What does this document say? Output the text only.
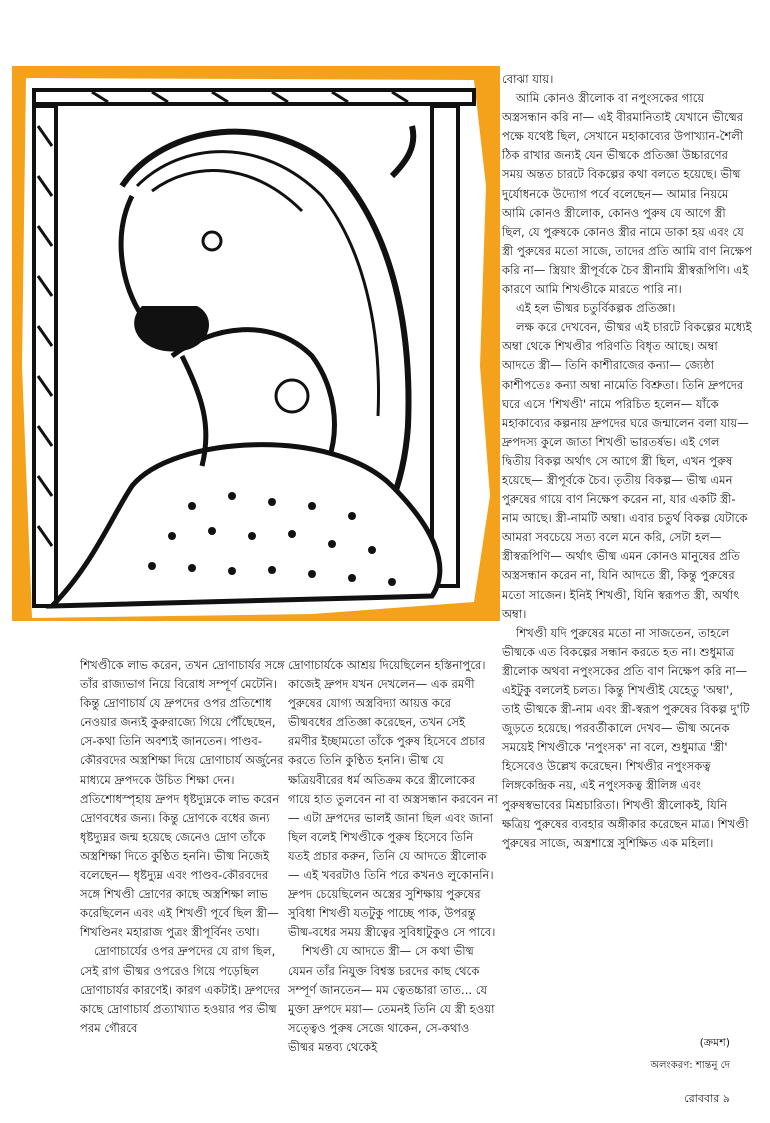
বোঝা যায়।

আমি কোনও স্ত্রীলোক বা নপুংসকের গায়ে অস্ত্রসন্ধান করি না— এই বীরমানিতাই যেখানে ভীষ্মের পক্ষে যথেষ্ট ছিল, সেখানে মহাকাব্যের উপাখ্যান-শৈলী ঠিক রাখার জন্যই যেন ভীষ্মকে প্রতিজ্ঞা উচ্চারণের সময় অন্তত চারটে বিকল্পের কথা বলতে হয়েছে। ভীষ্ম দুর্যোধনকে উদ্যোগ পর্বে বলেছেন— আমার নিয়মে আমি কোনও স্ত্রীলোক, কোনও পুরুষ যে আগে স্ত্রী ছিল, যে পুরুষকে কোনও স্ত্রীর নামে ডাকা হয় এবং যে স্ত্রী পুরুষের মতো সাজে, তাদের প্রতি আমি বাণ নিক্ষেপ করি না— স্ত্রিয়াং স্ত্রীপূর্বকে চৈব স্ত্রীনামি স্ত্রীস্বরূপিণি। এই কারণে আমি শিখণ্ডীকে মারতে পারি না।

এই হল ভীষ্মর চতুর্বিকল্পক প্রতিজ্ঞা।

লক্ষ করে দেখবেন, ভীষ্মর এই চারটে বিকল্পের মধ্যেই অম্বা থেকে শিখণ্ডীর পরিণতি বিধৃত আছে। অম্বা আদতে স্ত্রী— তিনি কাশীরাজের কন্যা— জ্যেষ্ঠা কাশীপতেঃ কন্যা অম্বা নামেতি বিশ্রুতা। তিনি দ্রুপদের ঘরে এসে 'শিখণ্ডী' নামে পরিচিত হলেন— যাঁকে মহাকাব্যের কল্পনায় দ্রুপদের ঘরে জন্মালেন বলা যায়— দ্রুপদস্য কুলে জাতা শিখণ্ডী ভারতর্ষভ। এই গেল দ্বিতীয় বিকল্প অর্থাৎ সে আগে স্ত্রী ছিল, এখন পুরুষ হয়েছে— স্ত্রীপূর্বকে চৈব। তৃতীয় বিকল্প— ভীষ্ম এমন পুরুষের গায়ে বাণ নিক্ষেপ করেন না, যার একটি স্ত্রী-নাম আছে। স্ত্রী-নামটি অম্বা। এবার চতুর্থ বিকল্প যেটাকে আমরা সবচেয়ে সত্য বলে মনে করি, সেটা হল— স্ত্রীস্বরূপিণি— অর্থাৎ ভীষ্ম এমন কোনও মানুষের প্রতি অস্ত্রসন্ধান করেন না, যিনি আদতে স্ত্রী, কিন্তু পুরুষের মতো সাজেন। ইনিই শিখণ্ডী, যিনি স্বরূপত স্ত্রী, অর্থাৎ অম্বা।

শিখণ্ডী যদি পুরুষের মতো না সাজতেন, তাহলে ভীষ্মকে এত বিকল্পের সন্ধান করতে হত না। শুধুমাত্র স্ত্রীলোক অথবা নপুংসকের প্রতি বাণ নিক্ষেপ করি না— এইটুকু বললেই চলত। কিন্তু শিখণ্ডীই যেহেতু 'অম্বা', তাই ভীষ্মকে স্ত্রী-নাম এবং স্ত্রী-স্বরূপ পুরুষের বিকল্প দু'টি জুড়তে হয়েছে। পরবর্তীকালে দেখব— ভীষ্ম অনেক সময়েই শিখণ্ডীকে 'নপুংসক' না বলে, শুধুমাত্র 'স্ত্রী' হিসেবেও উল্লেখ করেছেন। শিখণ্ডীর নপুংসকত্ব লিঙ্গকেন্দ্রিক নয়, এই নপুংসকত্ব স্ত্রীলিঙ্গ এবং পুরুষস্বভাবের মিশ্রচারিতা। শিখণ্ডী স্ত্রীলোকই, যিনি ক্ষত্রিয় পুরুষের ব্যবহার অঙ্গীকার করেছেন মাত্র। শিখণ্ডী পুরুষের সাজে, অস্ত্রশাস্ত্রে সুশিক্ষিত এক মহিলা।

শিখণ্ডীকে লাভ করেন, তখন দ্রোণাচার্যর সঙ্গে তাঁর রাজ্যভাগ নিয়ে বিরোধ সম্পূর্ণ মেটেনি। কিন্তু দ্রোণাচার্য যে দ্রুপদের ওপর প্রতিশোধ নেওয়ার জন্যই কুরুরাজ্যে গিয়ে পৌঁছেছেন, সে-কথা তিনি অবশ্যই জানতেন। পাণ্ডব-কৌরবদের অস্ত্রশিক্ষা দিয়ে দ্রোণাচার্য অর্জুনের মাধ্যমে দ্রুপদকে উচিত শিক্ষা দেন। প্রতিশোধস্পৃহায় দ্রুপদ ধৃষ্টদ্যুম্নকে লাভ করেন দ্রোণবধের জন্য। কিন্তু দ্রোণকে বধের জন্য ধৃষ্টদ্যুম্নর জন্ম হয়েছে জেনেও দ্রোণ তাঁকে অস্ত্রশিক্ষা দিতে কুণ্ঠিত হননি। ভীষ্ম নিজেই বলেছেন— ধৃষ্টদ্যুম্ন এবং পাণ্ডব-কৌরবদের সঙ্গে শিখণ্ডী দ্রোণের কাছে অস্ত্রশিক্ষা লাভ করেছিলেন এবং এই শিখণ্ডী পূর্বে ছিল স্ত্রী— শিখণ্ডিনং মহারাজ পুত্রং স্ত্রীপূর্বিনং তথা।

দ্রোণাচার্যের ওপর দ্রুপদের যে রাগ ছিল, সেই রাগ ভীষ্মর ওপরেও গিয়ে পড়েছিল দ্রোণাচার্যর কারণেই। কারণ একটাই। দ্রুপদের কাছে দ্রোণাচার্য প্রত্যাখ্যাত হওয়ার পর ভীষ্ম পরম গৌরবে

দ্রোণাচার্যকে আশ্রয় দিয়েছিলেন হস্তিনাপুরে। কাজেই দ্রুপদ যখন দেখলেন— এক রমণী পুরুষের যোগ্য অস্ত্রবিদ্যা আয়ত্ত করে ভীষ্মবধের প্রতিজ্ঞা করেছেন, তখন সেই রমণীর ইচ্ছামতো তাঁকে পুরুষ হিসেবে প্রচার করতে তিনি কুণ্ঠিত হননি। ভীষ্ম যে ক্ষত্রিয়বীরের ধর্ম অতিক্রম করে স্ত্রীলোকের গায়ে হাত তুলবেন না বা অস্ত্রসন্ধান করবেন না— এটা দ্রুপদের ভালই জানা ছিল এবং জানা ছিল বলেই শিখণ্ডীকে পুরুষ হিসেবে তিনি যতই প্রচার করুন, তিনি যে আদতে স্ত্রীলোক— এই খবরটাও তিনি পরে কখনও লুকোননি। দ্রুপদ চেয়েছিলেন অস্ত্রের সুশিক্ষায় পুরুষের সুবিধা শিখণ্ডী যতটুকু পাচ্ছে পাক, উপরন্তু ভীষ্ম-বধের সময় স্ত্রীত্বের সুবিধাটুকুও সে পাবে।

শিখণ্ডী যে আদতে স্ত্রী— সে কথা ভীষ্ম যেমন তাঁর নিযুক্ত বিশ্বস্ত চরদের কাছ থেকে সম্পূর্ণ জানতেন— মম ত্বেতচ্চারা তাত... যে মুক্তা দ্রুপদে ময়া— তেমনই তিনি যে স্ত্রী হওয়া সত্ত্বেও পুরুষ সেজে থাকেন, সে-কথাও ভীষ্মর মন্তব্য থেকেই	(ক্রমশ)
অলংকরণ: শান্তনু দে
রোববার ৯
